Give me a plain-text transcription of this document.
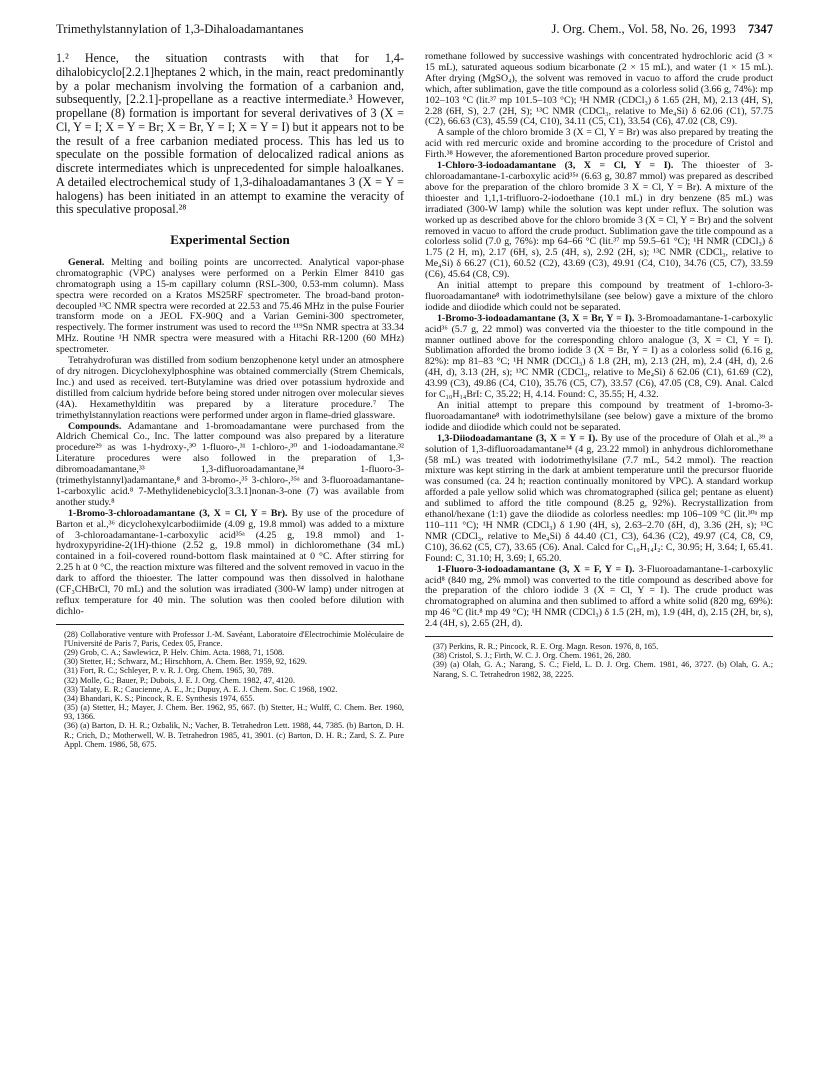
Trimethylstannylation of 1,3-Dihaloadamantanes	J. Org. Chem., Vol. 58, No. 26, 1993 7347

1.² Hence, the situation contrasts with that for 1,4-dihalobicyclo[2.2.1]heptanes 2 which, in the main, react predominantly by a polar mechanism involving the formation of a carbanion and, subsequently, [2.2.1]-propellane as a reactive intermediate.³ However, propellane (8) formation is important for several derivatives of 3 (X = Cl, Y = I; X = Y = Br; X = Br, Y = I; X = Y = I) but it appears not to be the result of a free carbanion mediated process. This has led us to speculate on the possible formation of delocalized radical anions as discrete intermediates which is unprecedented for simple haloalkanes. A detailed electrochemical study of 1,3-dihaloadamantanes 3 (X = Y = halogens) has been initiated in an attempt to examine the veracity of this speculative proposal.²⁸

Experimental Section

General. Melting and boiling points are uncorrected. Analytical vapor-phase chromatographic (VPC) analyses were performed on a Perkin Elmer 8410 gas chromatograph using a 15-m capillary column (RSL-300, 0.53-mm column). Mass spectra were recorded on a Kratos MS25RF spectrometer. The broad-band proton-decoupled ¹³C NMR spectra were recorded at 22.53 and 75.46 MHz in the pulse Fourier transform mode on a JEOL FX-90Q and a Varian Gemini-300 spectrometer, respectively. The former instrument was used to record the ¹¹⁹Sn NMR spectra at 33.34 MHz. Routine ¹H NMR spectra were measured with a Hitachi RR-1200 (60 MHz) spectrometer.

Tetrahydrofuran was distilled from sodium benzophenone ketyl under an atmosphere of dry nitrogen. Dicyclohexylphosphine was obtained commercially (Strem Chemicals, Inc.) and used as received. tert-Butylamine was dried over potassium hydroxide and distilled from calcium hydride before being stored under nitrogen over molecular sieves (4A). Hexamethylditin was prepared by a literature procedure.⁷ The trimethylstannylation reactions were performed under argon in flame-dried glassware.

Compounds. Adamantane and 1-bromoadamantane were purchased from the Aldrich Chemical Co., Inc. The latter compound was also prepared by a literature procedure²⁹ as was 1-hydroxy-,³⁰ 1-fluoro-,³¹ 1-chloro-,³⁰ and 1-iodoadamantane.³² Literature procedures were also followed in the preparation of 1,3-dibromoadamantane,³³ 1,3-difluoroadamantane,³⁴ 1-fluoro-3-(trimethylstannyl)adamantane,⁸ and 3-bromo-,³⁵ 3-chloro-,³⁵ᵃ and 3-fluoroadamantane-1-carboxylic acid.⁸ 7-Methylidenebicyclo[3.3.1]nonan-3-one (7) was available from another study.⁸

1-Bromo-3-chloroadamantane (3, X = Cl, Y = Br). By use of the procedure of Barton et al.,³⁶ dicyclohexylcarbodiimide (4.09 g, 19.8 mmol) was added to a mixture of 3-chloroadamantane-1-carboxylic acid³⁵ᵃ (4.25 g, 19.8 mmol) and 1-hydroxypyridine-2(1H)-thione (2.52 g, 19.8 mmol) in dichloromethane (34 mL) contained in a foil-covered round-bottom flask maintained at 0 °C. After stirring for 2.25 h at 0 °C, the reaction mixture was filtered and the solvent removed in vacuo in the dark to afford the thioester. The latter compound was then dissolved in halothane (CF₃CHBrCl, 70 mL) and the solution was irradiated (300-W lamp) under nitrogen at reflux temperature for 40 min. The solution was then cooled before dilution with dichlo-

(28) Collaborative venture with Professor J.-M. Savéant, Laboratoire d'Electrochimie Moléculaire de l'Université de Paris 7, Paris, Cedex 05, France.

(29) Grob, C. A.; Sawlewicz, P. Helv. Chim. Acta. 1988, 71, 1508.

(30) Stetter, H.; Schwarz, M.; Hirschhorn, A. Chem. Ber. 1959, 92, 1629.

(31) Fort, R. C.; Schleyer, P. v. R. J. Org. Chem. 1965, 30, 789.

(32) Molle, G.; Bauer, P.; Dubois, J. E. J. Org. Chem. 1982, 47, 4120.

(33) Talaty, E. R.; Caucienne, A. E., Jr.; Dupuy, A. E. J. Chem. Soc. C 1968, 1902.

(34) Bhandari, K. S.; Pincock, R. E. Synthesis 1974, 655.

(35) (a) Stetter, H.; Mayer, J. Chem. Ber. 1962, 95, 667. (b) Stetter, H.; Wulff, C. Chem. Ber. 1960, 93, 1366.

(36) (a) Barton, D. H. R.; Ozbalik, N.; Vacher, B. Tetrahedron Lett. 1988, 44, 7385. (b) Barton, D. H. R.; Crich, D.; Motherwell, W. B. Tetrahedron 1985, 41, 3901. (c) Barton, D. H. R.; Zard, S. Z. Pure Appl. Chem. 1986, 58, 675.

romethane followed by successive washings with concentrated hydrochloric acid (3 × 15 mL), saturated aqueous sodium bicarbonate (2 × 15 mL), and water (1 × 15 mL). After drying (MgSO₄), the solvent was removed in vacuo to afford the crude product which, after sublimation, gave the title compound as a colorless solid (3.66 g, 74%): mp 102–103 °C (lit.³⁷ mp 101.5–103 °C); ¹H NMR (CDCl₃) δ 1.65 (2H, M), 2.13 (4H, S), 2.28 (6H, S), 2.7 (2H, S); ¹³C NMR (CDCl₃, relative to Me₄Si) δ 62.06 (C1), 57.75 (C2), 66.63 (C3), 45.59 (C4, C10), 34.11 (C5, C1), 33.54 (C6), 47.02 (C8, C9).

A sample of the chloro bromide 3 (X = Cl, Y = Br) was also prepared by treating the acid with red mercuric oxide and bromine according to the procedure of Cristol and Firth.³⁸ However, the aforementioned Barton procedure proved superior.

1-Chloro-3-iodoadamantane (3, X = Cl, Y = I). The thioester of 3-chloroadamantane-1-carboxylic acid³⁵ᵃ (6.63 g, 30.87 mmol) was prepared as described above for the preparation of the chloro bromide 3 X = Cl, Y = Br). A mixture of the thioester and 1,1,1-trifluoro-2-iodoethane (10.1 mL) in dry benzene (85 mL) was irradiated (300-W lamp) while the solution was kept under reflux. The solution was worked up as described above for the chloro bromide 3 (X = Cl, Y = Br) and the solvent removed in vacuo to afford the crude product. Sublimation gave the title compound as a colorless solid (7.0 g, 76%): mp 64–66 °C (lit.³⁷ mp 59.5–61 °C); ¹H NMR (CDCl₃) δ 1.75 (2 H, m), 2.17 (6H, s), 2.5 (4H, s), 2.92 (2H, s); ¹³C NMR (CDCl₃, relative to Me₄Si) δ 66.27 (C1), 60.52 (C2), 43.69 (C3), 49.91 (C4, C10), 34.76 (C5, C7), 33.59 (C6), 45.64 (C8, C9).

An initial attempt to prepare this compound by treatment of 1-chloro-3-fluoroadamantane⁸ with iodotrimethylsilane (see below) gave a mixture of the chloro iodide and diiodide which could not be separated.

1-Bromo-3-iodoadamantane (3, X = Br, Y = I). 3-Bromoadamantane-1-carboxylic acid³⁶ (5.7 g, 22 mmol) was converted via the thioester to the title compound in the manner outlined above for the corresponding chloro analogue (3, X = Cl, Y = I). Sublimation afforded the bromo iodide 3 (X = Br, Y = I) as a colorless solid (6.16 g, 82%): mp 81–83 °C; ¹H NMR (DCCl₃) δ 1.8 (2H, m), 2.13 (2H, m), 2.4 (4H, d), 2.6 (4H, d), 3.13 (2H, s); ¹³C NMR (CDCl₃, relative to Me₄Si) δ 62.06 (C1), 61.69 (C2), 43.99 (C3), 49.86 (C4, C10), 35.76 (C5, C7), 33.57 (C6), 47.05 (C8, C9). Anal. Calcd for C₁₀H₁₄BrI: C, 35.22; H, 4.14. Found: C, 35.55; H, 4.32.

An initial attempt to prepare this compound by treatment of 1-bromo-3-fluoroadamantane⁸ with iodotrimethylsilane (see below) gave a mixture of the bromo iodide and diiodide which could not be separated.

1,3-Diiodoadamantane (3, X = Y = I). By use of the procedure of Olah et al.,³⁹ a solution of 1,3-difluoroadamantane³⁴ (4 g, 23.22 mmol) in anhydrous dichloromethane (58 mL) was treated with iodotrimethylsilane (7.7 mL, 54.2 mmol). The reaction mixture was kept stirring in the dark at ambient temperature until the precursor fluoride was consumed (ca. 24 h; reaction continually monitored by VPC). A standard workup afforded a pale yellow solid which was chromatographed (silica gel; pentane as eluent) and sublimed to afford the title compound (8.25 g, 92%). Recrystallization from ethanol/hexane (1:1) gave the diiodide as colorless needles: mp 106–109 °C (lit.³⁰ᵃ mp 110–111 °C); ¹H NMR (CDCl₃) δ 1.90 (4H, s), 2.63–2.70 (δH, d), 3.36 (2H, s); ¹³C NMR (CDCl₃, relative to Me₄Si) δ 44.40 (C1, C3), 64.36 (C2), 49.97 (C4, C8, C9, C10), 36.62 (C5, C7), 33.65 (C6). Anal. Calcd for C₁₀H₁₄I₂: C, 30.95; H, 3.64; I, 65.41. Found: C, 31.10; H, 3.69; I, 65.20.

1-Fluoro-3-iodoadamantane (3, X = F, Y = I). 3-Fluoroadamantane-1-carboxylic acid⁸ (840 mg, 2% mmol) was converted to the title compound as described above for the preparation of the chloro iodide 3 (X = Cl, Y = I). The crude product was chromatographed on alumina and then sublimed to afford a white solid (820 mg, 69%): mp 46 °C (lit.⁸ mp 49 °C); ¹H NMR (CDCl₃) δ 1.5 (2H, m), 1.9 (4H, d), 2.15 (2H, br, s), 2.4 (4H, s), 2.65 (2H, d).

(37) Perkins, R. R.; Pincock, R. E. Org. Magn. Reson. 1976, 8, 165.

(38) Cristol, S. J.; Firth, W. C. J. Org. Chem. 1961, 26, 280.

(39) (a) Olah, G. A.; Narang, S. C.; Field, L. D. J. Org. Chem. 1981, 46, 3727. (b) Olah, G. A.; Narang, S. C. Tetrahedron 1982, 38, 2225.
